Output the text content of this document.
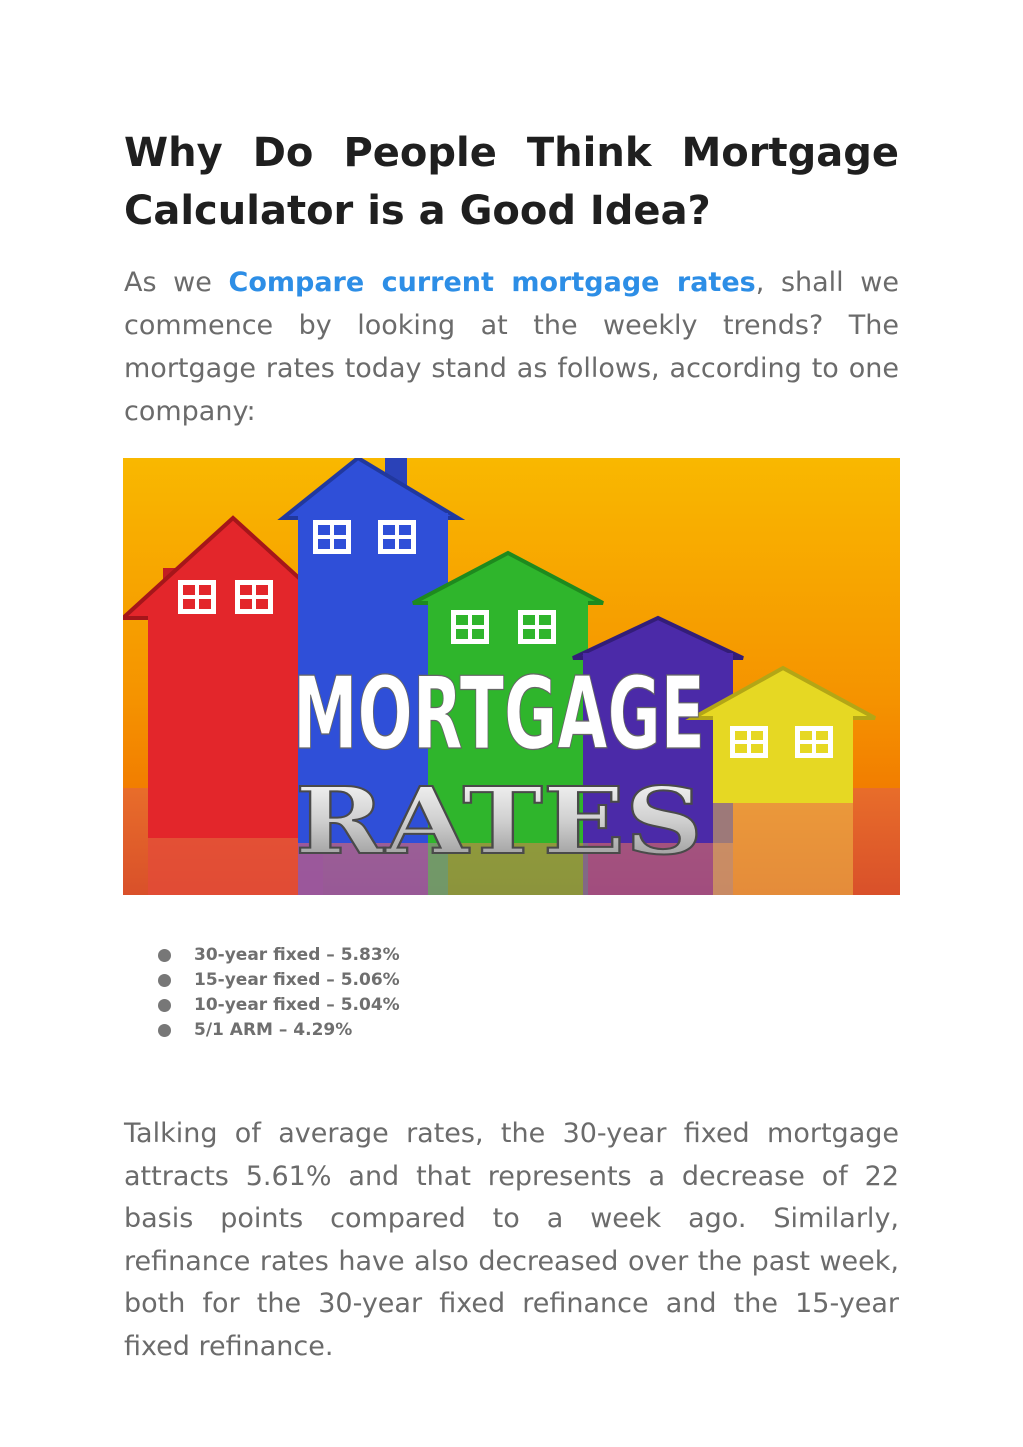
Why Do People Think Mortgage
Calculator is a Good Idea?

As we Compare current mortgage rates, shall we commence by looking at the weekly trends? The mortgage rates today stand as follows, according to one company:

MORTGAGE
RATES
30-year fixed – 5.83%
15-year fixed – 5.06%
10-year fixed – 5.04%
5/1 ARM – 4.29%

Talking of average rates, the 30-year fixed mortgage attracts 5.61% and that represents a decrease of 22 basis points compared to a week ago. Similarly, refinance rates have also decreased over the past week, both for the 30-year fixed refinance and the 15-year fixed refinance.
